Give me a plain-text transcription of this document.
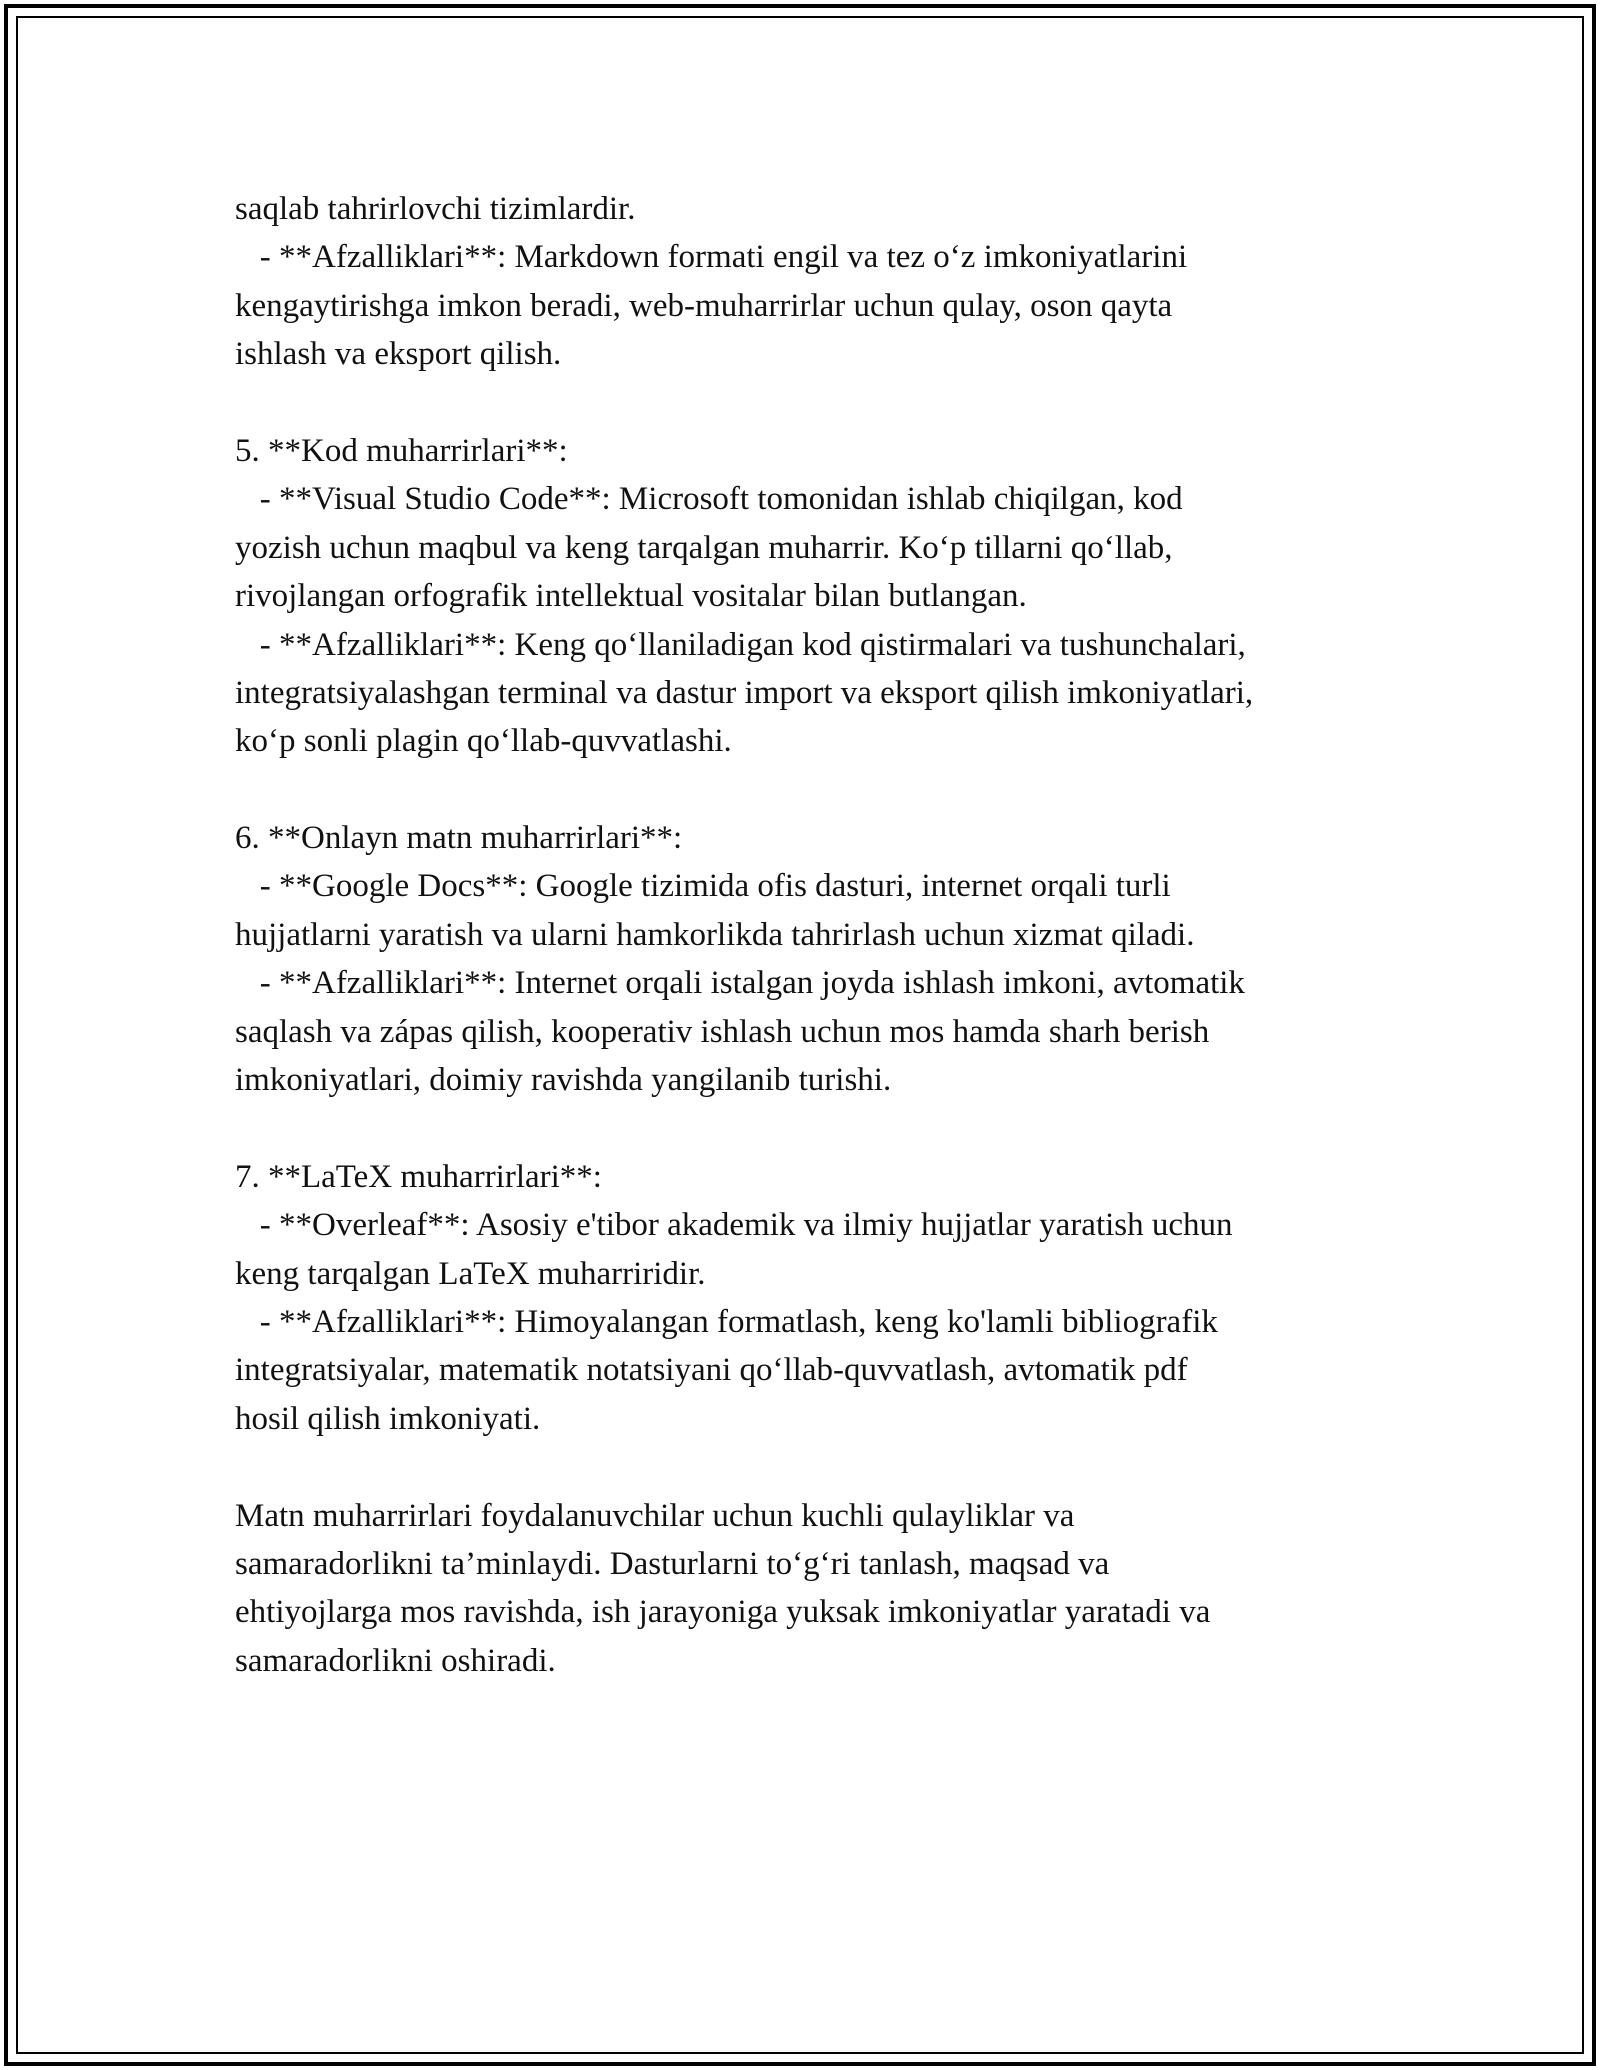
saqlab tahrirlovchi tizimlardir.
- **Afzalliklari**: Markdown formati engil va tez o‘z imkoniyatlarini
kengaytirishga imkon beradi, web-muharrirlar uchun qulay, oson qayta
ishlash va eksport qilish.
5. **Kod muharrirlari**:
- **Visual Studio Code**: Microsoft tomonidan ishlab chiqilgan, kod
yozish uchun maqbul va keng tarqalgan muharrir. Ko‘p tillarni qo‘llab,
rivojlangan orfografik intellektual vositalar bilan butlangan.
- **Afzalliklari**: Keng qo‘llaniladigan kod qistirmalari va tushunchalari,
integratsiyalashgan terminal va dastur import va eksport qilish imkoniyatlari,
ko‘p sonli plagin qo‘llab-quvvatlashi.
6. **Onlayn matn muharrirlari**:
- **Google Docs**: Google tizimida ofis dasturi, internet orqali turli
hujjatlarni yaratish va ularni hamkorlikda tahrirlash uchun xizmat qiladi.
- **Afzalliklari**: Internet orqali istalgan joyda ishlash imkoni, avtomatik
saqlash va zápas qilish, kooperativ ishlash uchun mos hamda sharh berish
imkoniyatlari, doimiy ravishda yangilanib turishi.
7. **LaTeX muharrirlari**:
- **Overleaf**: Asosiy e'tibor akademik va ilmiy hujjatlar yaratish uchun
keng tarqalgan LaTeX muharriridir.
- **Afzalliklari**: Himoyalangan formatlash, keng ko'lamli bibliografik
integratsiyalar, matematik notatsiyani qo‘llab-quvvatlash, avtomatik pdf
hosil qilish imkoniyati.
Matn muharrirlari foydalanuvchilar uchun kuchli qulayliklar va
samaradorlikni ta’minlaydi. Dasturlarni to‘g‘ri tanlash, maqsad va
ehtiyojlarga mos ravishda, ish jarayoniga yuksak imkoniyatlar yaratadi va
samaradorlikni oshiradi.
